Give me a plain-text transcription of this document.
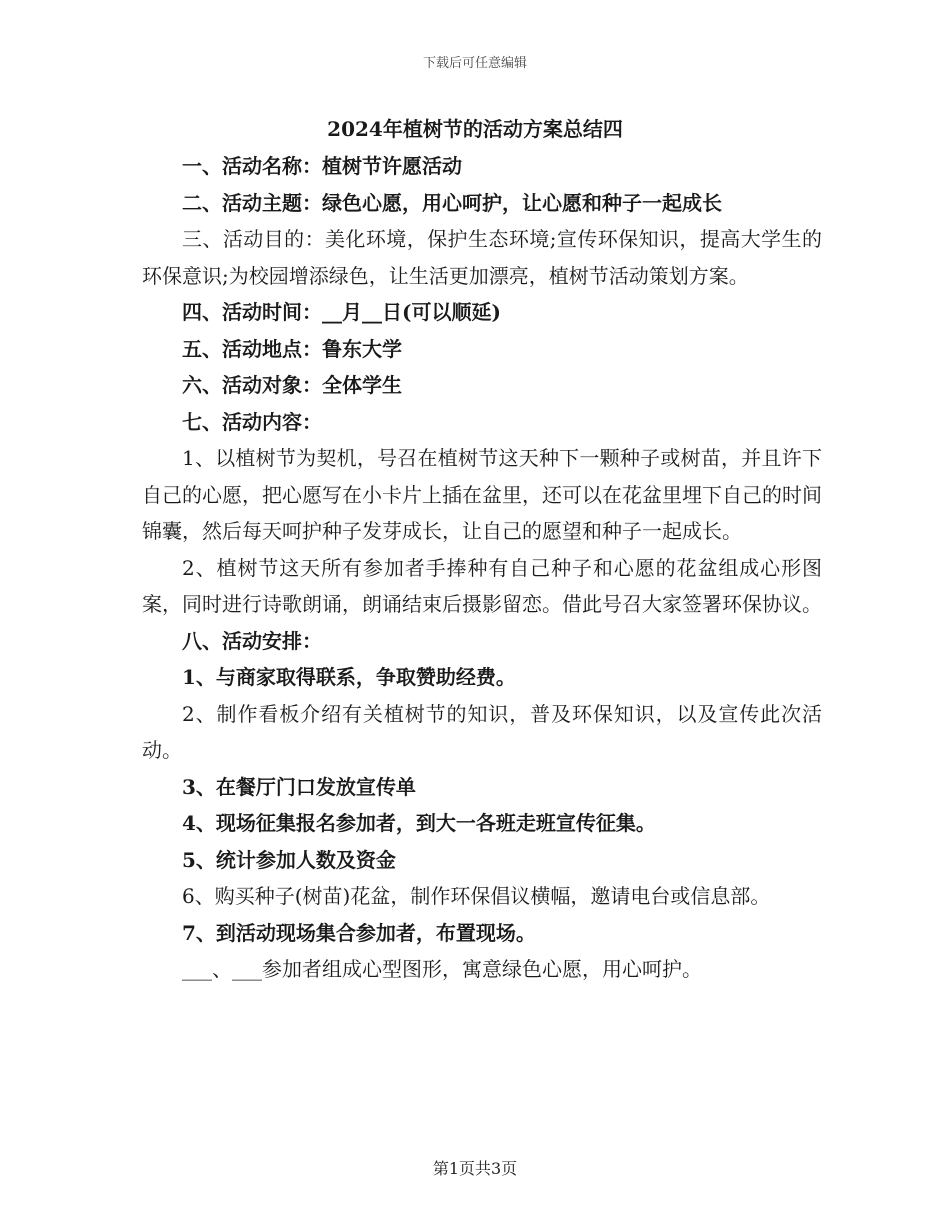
下载后可任意编辑
2024年植树节的活动方案总结四

一、活动名称：植树节许愿活动

二、活动主题：绿色心愿，用心呵护，让心愿和种子一起成长

三、活动目的：美化环境，保护生态环境;宣传环保知识，提高大学生的环保意识;为校园增添绿色，让生活更加漂亮，植树节活动策划方案。

四、活动时间：__月__日(可以顺延)

五、活动地点：鲁东大学

六、活动对象：全体学生

七、活动内容：

1、以植树节为契机，号召在植树节这天种下一颗种子或树苗，并且许下自己的心愿，把心愿写在小卡片上插在盆里，还可以在花盆里埋下自己的时间锦囊，然后每天呵护种子发芽成长，让自己的愿望和种子一起成长。

2、植树节这天所有参加者手捧种有自己种子和心愿的花盆组成心形图案，同时进行诗歌朗诵，朗诵结束后摄影留恋。借此号召大家签署环保协议。

八、活动安排：

1、与商家取得联系，争取赞助经费。

2、制作看板介绍有关植树节的知识，普及环保知识，以及宣传此次活动。

3、在餐厅门口发放宣传单

4、现场征集报名参加者，到大一各班走班宣传征集。

5、统计参加人数及资金

6、购买种子(树苗)花盆，制作环保倡议横幅，邀请电台或信息部。

7、到活动现场集合参加者，布置现场。

___、___参加者组成心型图形，寓意绿色心愿，用心呵护。

第1页共3页
